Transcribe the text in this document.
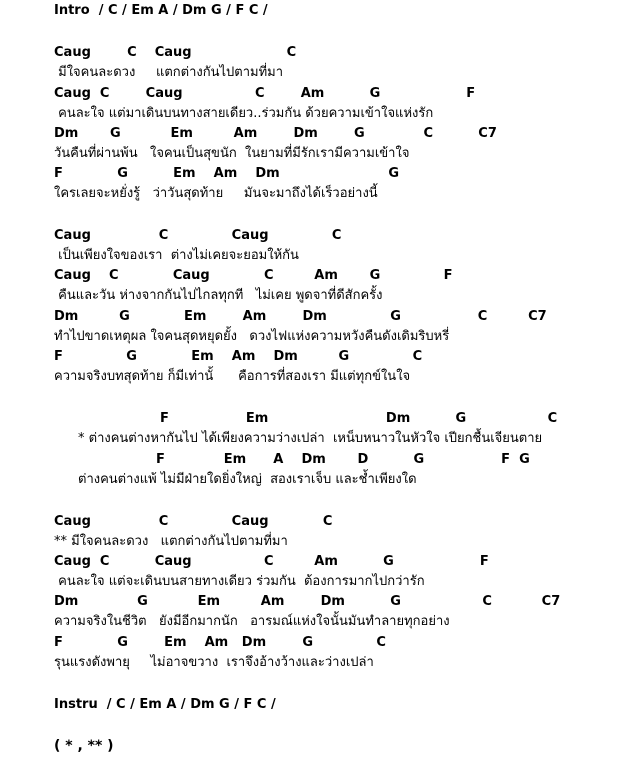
Intro  / C / Em A / Dm G / F C /
Caug        C    Caug                     C
มีใจคนละดวง     แตกต่างกันไปตามที่มา
Caug  C        Caug                C        Am          G                   F
คนละใจ แต่มาเดินบนทางสายเดียว..ร่วมกัน ด้วยความเข้าใจแห่งรัก
Dm       G           Em         Am        Dm        G             C          C7
วันคืนที่ผ่านพ้น   ใจคนเป็นสุขนัก  ในยามที่มีรักเรามีความเข้าใจ
F            G          Em    Am    Dm                        G
ใครเลยจะหยั่งรู้   ว่าวันสุดท้าย     มันจะมาถึงได้เร็วอย่างนี้
Caug               C              Caug              C
เป็นเพียงใจของเรา  ต่างไม่เคยจะยอมให้กัน
Caug    C            Caug            C         Am       G              F
คืนและวัน ห่างจากกันไปไกลทุกที   ไม่เคย พูดจาที่ดีสักครั้ง
Dm         G            Em        Am        Dm              G                 C         C7
ทำไปขาดเหตุผล ใจคนสุดหยุดยั้ง   ดวงไฟแห่งความหวังคืนดังเดิมริบหรี่
F              G            Em    Am    Dm         G              C
ความจริงบทสุดท้าย ก็มีเท่านั้      คือการที่สองเรา มีแต่ทุกข์ในใจ
F                 Em                          Dm          G                  C
* ต่างคนต่างหากันไป ได้เพียงความว่างเปล่า  เหน็บหนาวในหัวใจ เปียกชื้นเจียนตาย
F             Em      A    Dm       D          G                 F  G
ต่างคนต่างแพ้ ไม่มีฝ่ายใดยิ่งใหญ่  สองเราเจ็บ และช้ำเพียงใด
Caug               C              Caug            C
** มีใจคนละดวง   แตกต่างกันไปตามที่มา
Caug  C          Caug                C         Am          G                   F
คนละใจ แต่จะเดินบนสายทางเดียว ร่วมกัน  ต้องการมากไปกว่ารัก
Dm             G           Em         Am        Dm          G                  C           C7
ความจริงในชีวิต   ยังมีอีกมากนัก   อารมณ์แห่งใจนั้นมันทำลายทุกอย่าง
F            G        Em    Am   Dm        G              C
รุนแรงดังพายุ     ไม่อาจขวาง  เราจึงอ้างว้างและว่างเปล่า
Instru  / C / Em A / Dm G / F C /
( * , ** )
